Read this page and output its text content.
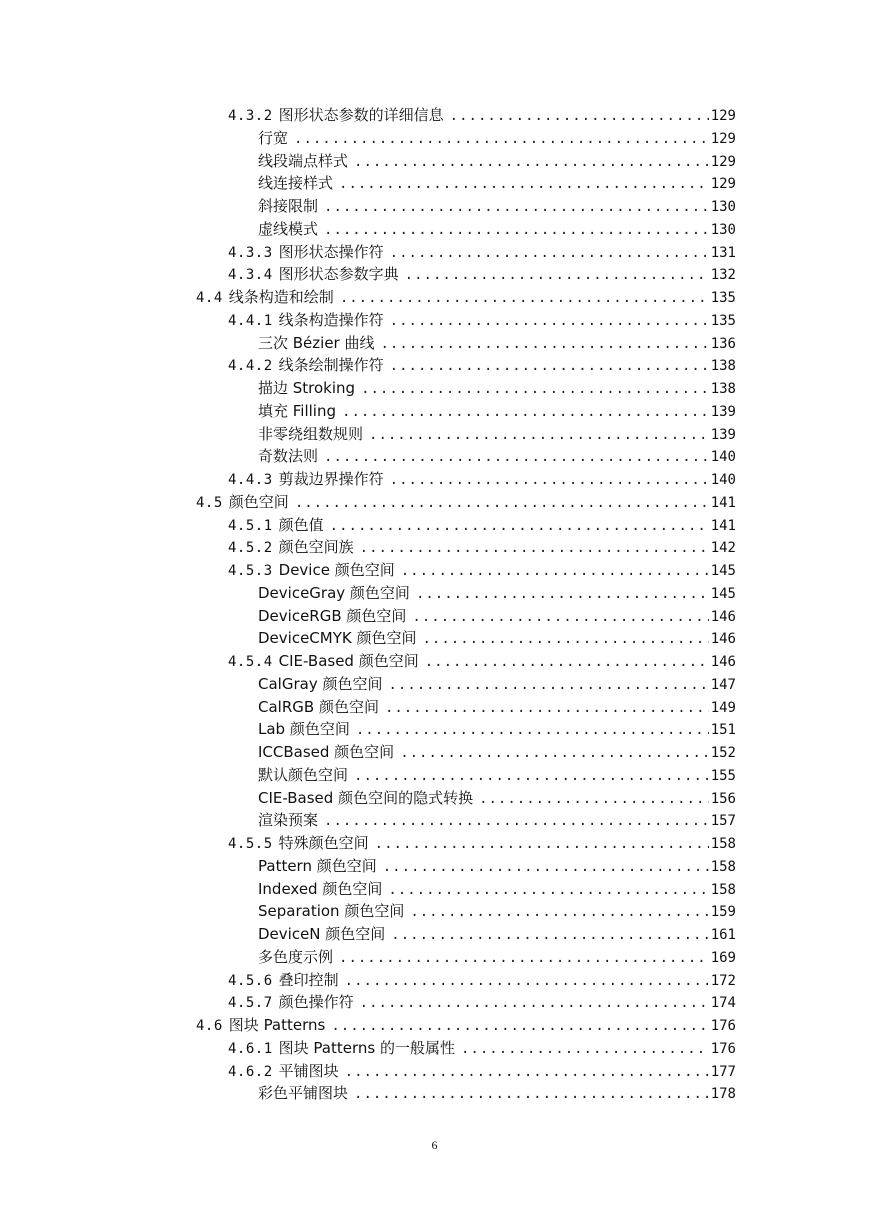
4.3.2 图形状态参数的详细信息 .....	129
行宽 .....	129
线段端点样式 .....	129
线连接样式 .....	129
斜接限制 .....	130
虚线模式 .....	130
4.3.3 图形状态操作符 .....	131
4.3.4 图形状态参数字典 .....	132
4.4 线条构造和绘制 .....	135
4.4.1 线条构造操作符 .....	135
三次 Bézier 曲线 .....	136
4.4.2 线条绘制操作符 .....	138
描边 Stroking .....	138
填充 Filling .....	139
非零绕组数规则 .....	139
奇数法则 .....	140
4.4.3 剪裁边界操作符 .....	140
4.5 颜色空间 .....	141
4.5.1 颜色值 .....	141
4.5.2 颜色空间族 .....	142
4.5.3 Device 颜色空间 .....	145
DeviceGray 颜色空间 .....	145
DeviceRGB 颜色空间 .....	146
DeviceCMYK 颜色空间 .....	146
4.5.4 CIE-Based 颜色空间 .....	146
CalGray 颜色空间 .....	147
CalRGB 颜色空间 .....	149
Lab 颜色空间 .....	151
ICCBased 颜色空间 .....	152
默认颜色空间 .....	155
CIE-Based 颜色空间的隐式转换 .....	156
渲染预案 .....	157
4.5.5 特殊颜色空间 .....	158
Pattern 颜色空间 .....	158
Indexed 颜色空间 .....	158
Separation 颜色空间 .....	159
DeviceN 颜色空间 .....	161
多色度示例 .....	169
4.5.6 叠印控制 .....	172
4.5.7 颜色操作符 .....	174
4.6 图块 Patterns .....	176
4.6.1 图块 Patterns 的一般属性 .....	176
4.6.2 平铺图块 .....	177
彩色平铺图块 .....	178
6
